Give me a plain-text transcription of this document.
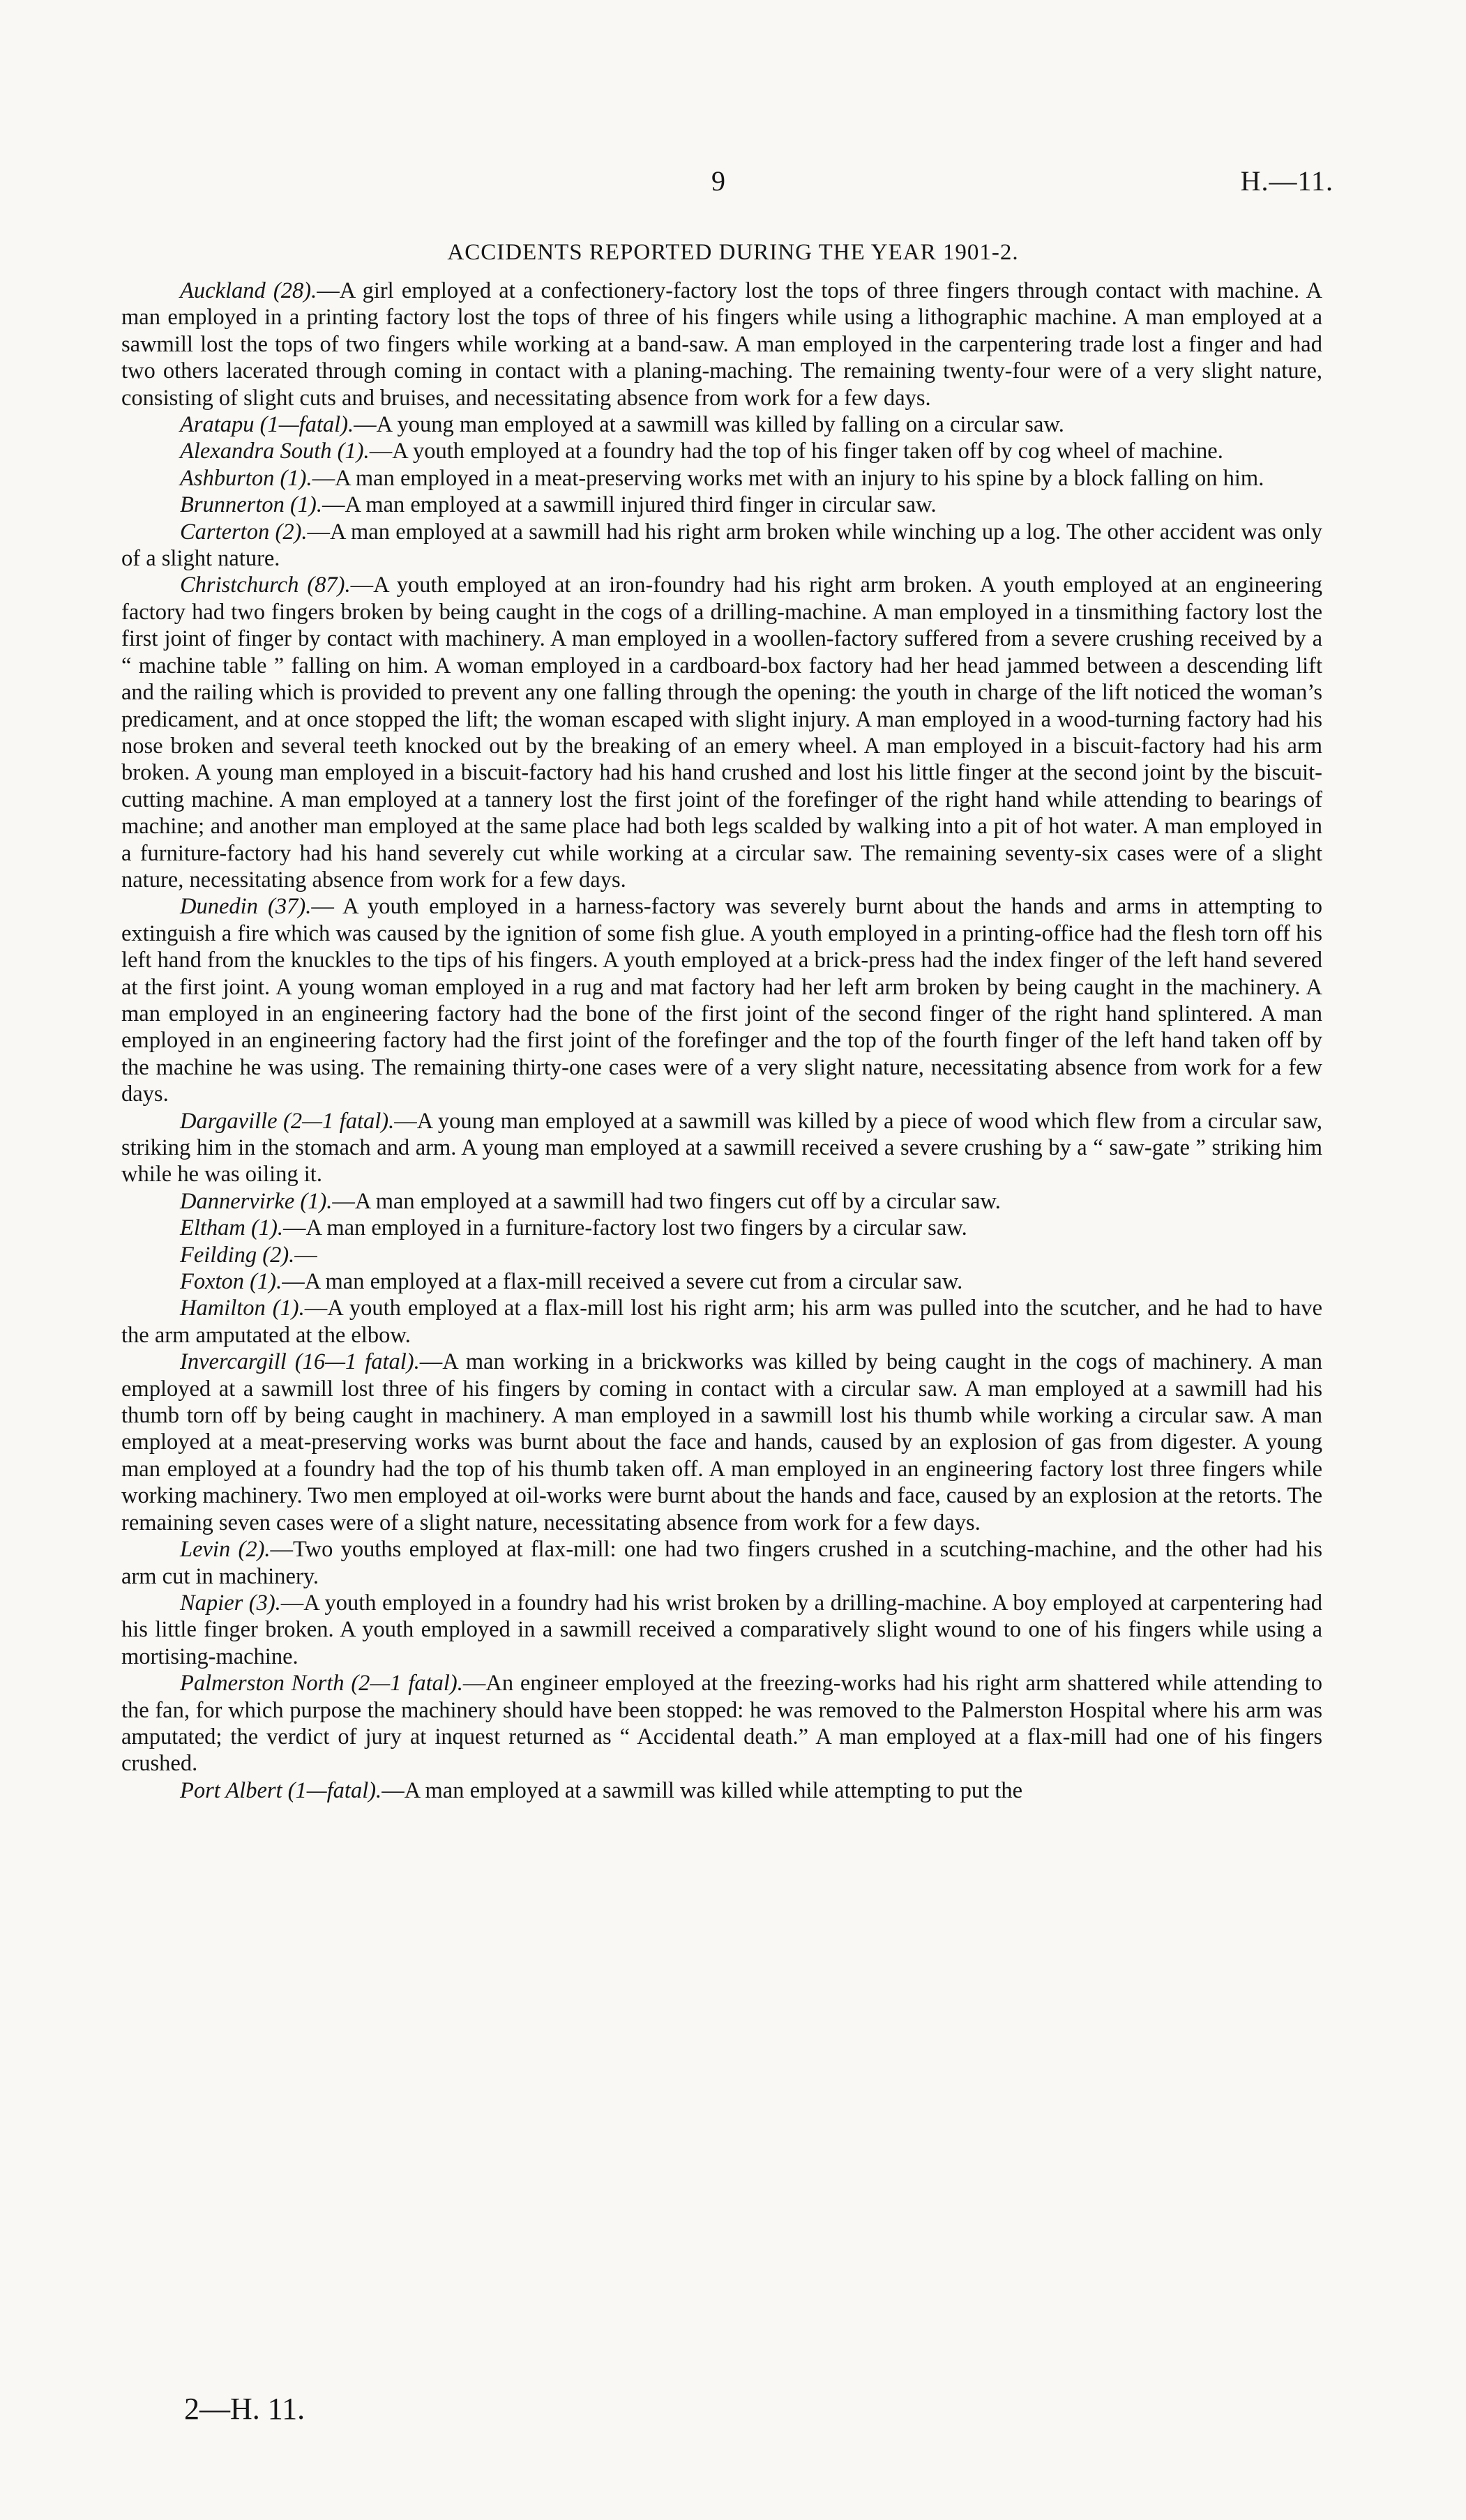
9	H.—11.
ACCIDENTS REPORTED DURING THE YEAR 1901-2.

Auckland (28).—A girl employed at a confectionery-factory lost the tops of three fingers through contact with machine. A man employed in a printing factory lost the tops of three of his fingers while using a lithographic machine. A man employed at a sawmill lost the tops of two fingers while working at a band-saw. A man employed in the carpentering trade lost a finger and had two others lacerated through coming in contact with a planing-maching. The remaining twenty-four were of a very slight nature, consisting of slight cuts and bruises, and necessitating absence from work for a few days.

Aratapu (1—fatal).—A young man employed at a sawmill was killed by falling on a circular saw.

Alexandra South (1).—A youth employed at a foundry had the top of his finger taken off by cog wheel of machine.

Ashburton (1).—A man employed in a meat-preserving works met with an injury to his spine by a block falling on him.

Brunnerton (1).—A man employed at a sawmill injured third finger in circular saw.

Carterton (2).—A man employed at a sawmill had his right arm broken while winching up a log. The other accident was only of a slight nature.

Christchurch (87).—A youth employed at an iron-foundry had his right arm broken. A youth employed at an engineering factory had two fingers broken by being caught in the cogs of a drilling-machine. A man employed in a tinsmithing factory lost the first joint of finger by contact with machinery. A man employed in a woollen-factory suffered from a severe crushing received by a “ machine table ” falling on him. A woman employed in a cardboard-box factory had her head jammed between a descending lift and the railing which is provided to prevent any one falling through the opening: the youth in charge of the lift noticed the woman’s predicament, and at once stopped the lift; the woman escaped with slight injury. A man employed in a wood-turning factory had his nose broken and several teeth knocked out by the breaking of an emery wheel. A man employed in a biscuit-factory had his arm broken. A young man employed in a biscuit-factory had his hand crushed and lost his little finger at the second joint by the biscuit-cutting machine. A man employed at a tannery lost the first joint of the forefinger of the right hand while attending to bearings of machine; and another man employed at the same place had both legs scalded by walking into a pit of hot water. A man employed in a furniture-factory had his hand severely cut while working at a circular saw. The remaining seventy-six cases were of a slight nature, necessitating absence from work for a few days.

Dunedin (37).— A youth employed in a harness-factory was severely burnt about the hands and arms in attempting to extinguish a fire which was caused by the ignition of some fish glue. A youth employed in a printing-office had the flesh torn off his left hand from the knuckles to the tips of his fingers. A youth employed at a brick-press had the index finger of the left hand severed at the first joint. A young woman employed in a rug and mat factory had her left arm broken by being caught in the machinery. A man employed in an engineering factory had the bone of the first joint of the second finger of the right hand splintered. A man employed in an engineering factory had the first joint of the forefinger and the top of the fourth finger of the left hand taken off by the machine he was using. The remaining thirty-one cases were of a very slight nature, necessitating absence from work for a few days.

Dargaville (2—1 fatal).—A young man employed at a sawmill was killed by a piece of wood which flew from a circular saw, striking him in the stomach and arm. A young man employed at a sawmill received a severe crushing by a “ saw-gate ” striking him while he was oiling it.

Dannervirke (1).—A man employed at a sawmill had two fingers cut off by a circular saw.

Eltham (1).—A man employed in a furniture-factory lost two fingers by a circular saw.

Feilding (2).—

Foxton (1).—A man employed at a flax-mill received a severe cut from a circular saw.

Hamilton (1).—A youth employed at a flax-mill lost his right arm; his arm was pulled into the scutcher, and he had to have the arm amputated at the elbow.

Invercargill (16—1 fatal).—A man working in a brickworks was killed by being caught in the cogs of machinery. A man employed at a sawmill lost three of his fingers by coming in contact with a circular saw. A man employed at a sawmill had his thumb torn off by being caught in machinery. A man employed in a sawmill lost his thumb while working a circular saw. A man employed at a meat-preserving works was burnt about the face and hands, caused by an explosion of gas from digester. A young man employed at a foundry had the top of his thumb taken off. A man employed in an engineering factory lost three fingers while working machinery. Two men employed at oil-works were burnt about the hands and face, caused by an explosion at the retorts. The remaining seven cases were of a slight nature, necessitating absence from work for a few days.

Levin (2).—Two youths employed at flax-mill: one had two fingers crushed in a scutching-machine, and the other had his arm cut in machinery.

Napier (3).—A youth employed in a foundry had his wrist broken by a drilling-machine. A boy employed at carpentering had his little finger broken. A youth employed in a sawmill received a comparatively slight wound to one of his fingers while using a mortising-machine.

Palmerston North (2—1 fatal).—An engineer employed at the freezing-works had his right arm shattered while attending to the fan, for which purpose the machinery should have been stopped: he was removed to the Palmerston Hospital where his arm was amputated; the verdict of jury at inquest returned as “ Accidental death.” A man employed at a flax-mill had one of his fingers crushed.

Port Albert (1—fatal).—A man employed at a sawmill was killed while attempting to put the

2—H. 11.
